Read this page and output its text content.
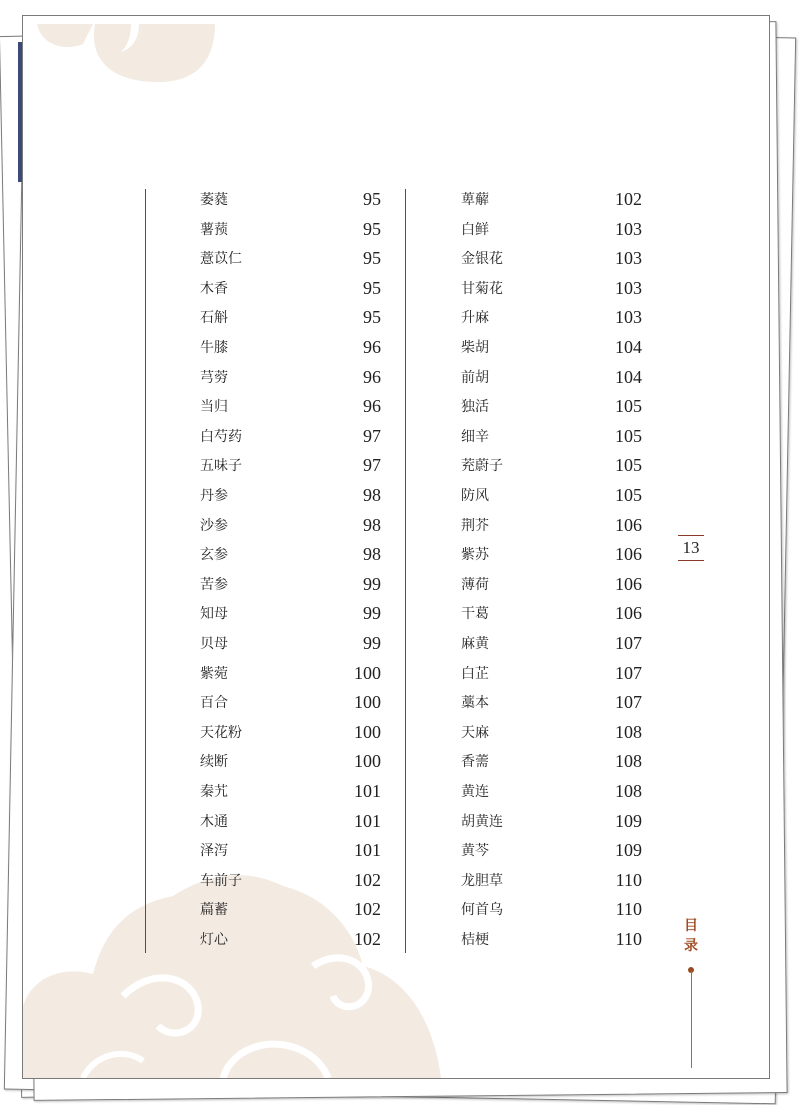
萎蕤	95
薯蓣	95
薏苡仁	95
木香	95
石斛	95
牛膝	96
芎䓖	96
当归	96
白芍药	97
五味子	97
丹参	98
沙参	98
玄参	98
苦参	99
知母	99
贝母	99
紫菀	100
百合	100
天花粉	100
续断	100
秦艽	101
木通	101
泽泻	101
车前子	102
萹蓄	102
灯心	102
萆薢	102
白鲜	103
金银花	103
甘菊花	103
升麻	103
柴胡	104
前胡	104
独活	105
细辛	105
茺蔚子	105
防风	105
荆芥	106
紫苏	106
薄荷	106
干葛	106
麻黄	107
白芷	107
藁本	107
天麻	108
香薷	108
黄连	108
胡黄连	109
黄芩	109
龙胆草	110
何首乌	110
桔梗	110
13
目
录
